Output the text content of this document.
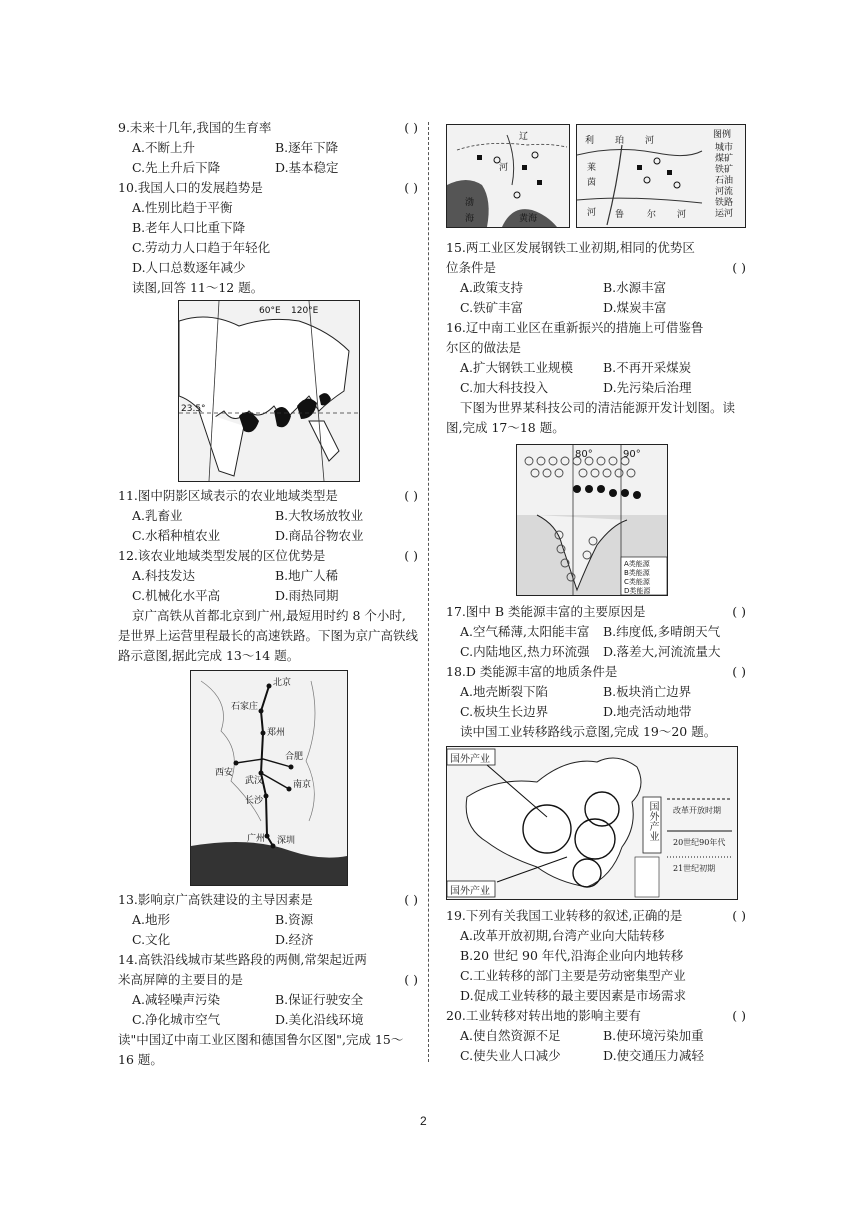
9.未来十几年,我国的生育率	( )
A.不断上升	B.逐年下降
C.先上升后下降	D.基本稳定
10.我国人口的发展趋势是	( )
A.性别比趋于平衡
B.老年人口比重下降
C.劳动力人口趋于年轻化
D.人口总数逐年减少
读图,回答 11～12 题。
60°E 120°E
23.5°
11.图中阴影区域表示的农业地域类型是	( )
A.乳畜业	B.大牧场放牧业
C.水稻种植农业	D.商品谷物农业
12.该农业地域类型发展的区位优势是	( )
A.科技发达	B.地广人稀
C.机械化水平高	D.雨热同期
京广高铁从首都北京到广州,最短用时约 8 个小时,是世界上运营里程最长的高速铁路。下图为京广高铁线路示意图,据此完成 13～14 题。
北京
石家庄
郑州
西安
合肥
武汉	南京
长沙
广州 深圳
13.影响京广高铁建设的主导因素是	( )
A.地形	B.资源
C.文化	D.经济
14.高铁沿线城市某些路段的两侧,常架起近两米高屏障的主要目的是	( )
A.减轻噪声污染	B.保证行驶安全
C.净化城市空气	D.美化沿线环境
读"中国辽中南工业区图和德国鲁尔区图",完成 15～16 题。
辽
河
渤
海	黄海
利 珀 河
莱
茵
河 鲁	尔 河
图例
城市
煤矿
铁矿
石油
河流
铁路
运河
15.两工业区发展钢铁工业初期,相同的优势区位条件是	( )
A.政策支持	B.水源丰富
C.铁矿丰富	D.煤炭丰富
16.辽中南工业区在重新振兴的措施上可借鉴鲁尔区的做法是
A.扩大钢铁工业规模	B.不再开采煤炭
C.加大科技投入	D.先污染后治理
下图为世界某科技公司的清洁能源开发计划图。读图,完成 17～18 题。
A类能源
B类能源
C类能源
D类能源
80°	90°
17.图中 B 类能源丰富的主要原因是	( )
A.空气稀薄,太阳能丰富	B.纬度低,多晴朗天气
C.内陆地区,热力环流强	D.落差大,河流流量大
18.D 类能源丰富的地质条件是	( )
A.地壳断裂下陷	B.板块消亡边界
C.板块生长边界	D.地壳活动地带
读中国工业转移路线示意图,完成 19～20 题。
国外产业
国外产业
国外产业 改革开放时期
20世纪90年代
21世纪初期
19.下列有关我国工业转移的叙述,正确的是	( )
A.改革开放初期,台湾产业向大陆转移
B.20 世纪 90 年代,沿海企业向内地转移
C.工业转移的部门主要是劳动密集型产业
D.促成工业转移的最主要因素是市场需求
20.工业转移对转出地的影响主要有	( )
A.使自然资源不足	B.使环境污染加重
C.使失业人口减少	D.使交通压力减轻
2
